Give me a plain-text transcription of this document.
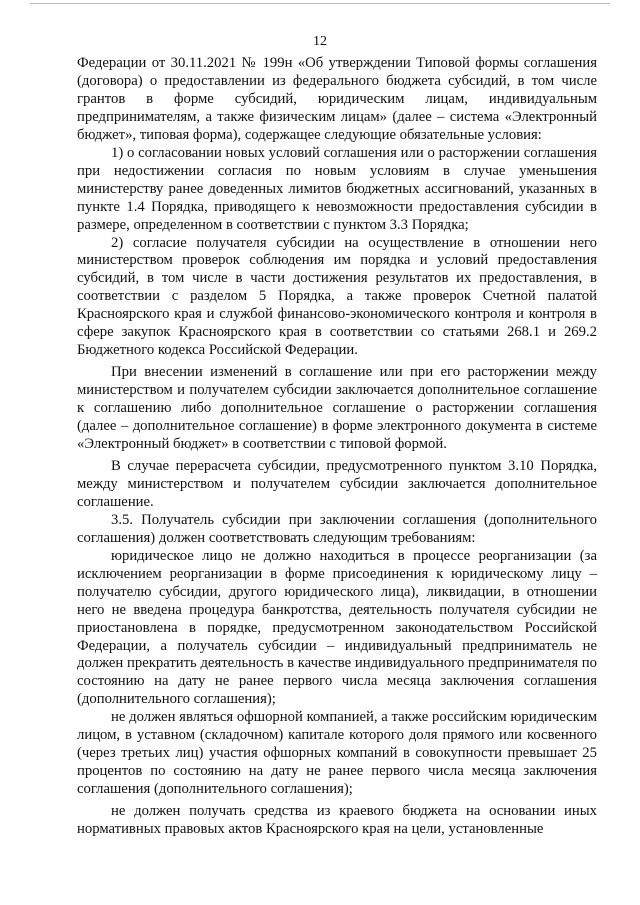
12

Федерации от 30.11.2021 № 199н «Об утверждении Типовой формы соглашения (договора) о предоставлении из федерального бюджета субсидий, в том числе грантов в форме субсидий, юридическим лицам, индивидуальным предпринимателям, а также физическим лицам» (далее – система «Электронный бюджет», типовая форма), содержащее следующие обязательные условия:

1) о согласовании новых условий соглашения или о расторжении соглашения при недостижении согласия по новым условиям в случае уменьшения министерству ранее доведенных лимитов бюджетных ассигнований, указанных в пункте 1.4 Порядка, приводящего к невозможности предоставления субсидии в размере, определенном в соответствии с пунктом 3.3 Порядка;

2) согласие получателя субсидии на осуществление в отношении него министерством проверок соблюдения им порядка и условий предоставления субсидий, в том числе в части достижения результатов их предоставления, в соответствии с разделом 5 Порядка, а также проверок Счетной палатой Красноярского края и службой финансово-экономического контроля и контроля в сфере закупок Красноярского края в соответствии со статьями 268.1 и 269.2 Бюджетного кодекса Российской Федерации.

При внесении изменений в соглашение или при его расторжении между министерством и получателем субсидии заключается дополнительное соглашение к соглашению либо дополнительное соглашение о расторжении соглашения (далее – дополнительное соглашение) в форме электронного документа в системе «Электронный бюджет» в соответствии с типовой формой.

В случае перерасчета субсидии, предусмотренного пунктом 3.10 Порядка, между министерством и получателем субсидии заключается дополнительное соглашение.

3.5. Получатель субсидии при заключении соглашения (дополнительного соглашения) должен соответствовать следующим требованиям:

юридическое лицо не должно находиться в процессе реорганизации (за исключением реорганизации в форме присоединения к юридическому лицу – получателю субсидии, другого юридического лица), ликвидации, в отношении него не введена процедура банкротства, деятельность получателя субсидии не приостановлена в порядке, предусмотренном законодательством Российской Федерации, а получатель субсидии – индивидуальный предприниматель не должен прекратить деятельность в качестве индивидуального предпринимателя по состоянию на дату не ранее первого числа месяца заключения соглашения (дополнительного соглашения);

не должен являться офшорной компанией, а также российским юридическим лицом, в уставном (складочном) капитале которого доля прямого или косвенного (через третьих лиц) участия офшорных компаний в совокупности превышает 25 процентов по состоянию на дату не ранее первого числа месяца заключения соглашения (дополнительного соглашения);

не должен получать средства из краевого бюджета на основании иных нормативных правовых актов Красноярского края на цели, установленные
